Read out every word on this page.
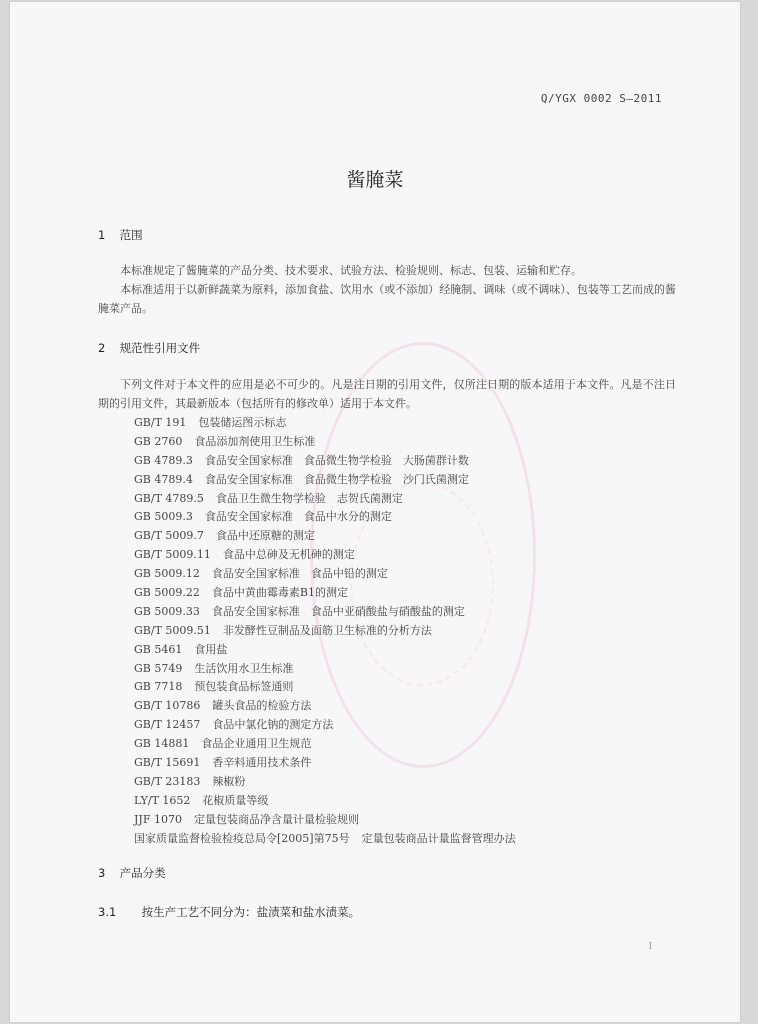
Q/YGX 0002 S—2011
酱腌菜
1 范围
本标准规定了酱腌菜的产品分类、技术要求、试验方法、检验规则、标志、包装、运输和贮存。
本标准适用于以新鲜蔬菜为原料，添加食盐、饮用水（或不添加）经腌制、调味（或不调味）、包装等工艺而成的酱腌菜产品。
2 规范性引用文件
下列文件对于本文件的应用是必不可少的。凡是注日期的引用文件，仅所注日期的版本适用于本文件。凡是不注日期的引用文件，其最新版本（包括所有的修改单）适用于本文件。
GB/T 191 包装储运图示标志
GB 2760 食品添加剂使用卫生标准
GB 4789.3 食品安全国家标准　食品微生物学检验　大肠菌群计数
GB 4789.4 食品安全国家标准　食品微生物学检验　沙门氏菌测定
GB/T 4789.5 食品卫生微生物学检验　志贺氏菌测定
GB 5009.3 食品安全国家标准　食品中水分的测定
GB/T 5009.7 食品中还原糖的测定
GB/T 5009.11 食品中总砷及无机砷的测定
GB 5009.12 食品安全国家标准　食品中铅的测定
GB 5009.22 食品中黄曲霉毒素B1的测定
GB 5009.33 食品安全国家标准　食品中亚硝酸盐与硝酸盐的测定
GB/T 5009.51 非发酵性豆制品及面筋卫生标准的分析方法
GB 5461 食用盐
GB 5749 生活饮用水卫生标准
GB 7718 预包装食品标签通则
GB/T 10786 罐头食品的检验方法
GB/T 12457 食品中氯化钠的测定方法
GB 14881 食品企业通用卫生规范
GB/T 15691 香辛料通用技术条件
GB/T 23183 辣椒粉
LY/T 1652 花椒质量等级
JJF 1070 定量包装商品净含量计量检验规则
国家质量监督检验检疫总局令[2005]第75号 定量包装商品计量监督管理办法
3 产品分类
3.1 按生产工艺不同分为：盐渍菜和盐水渍菜。
I
